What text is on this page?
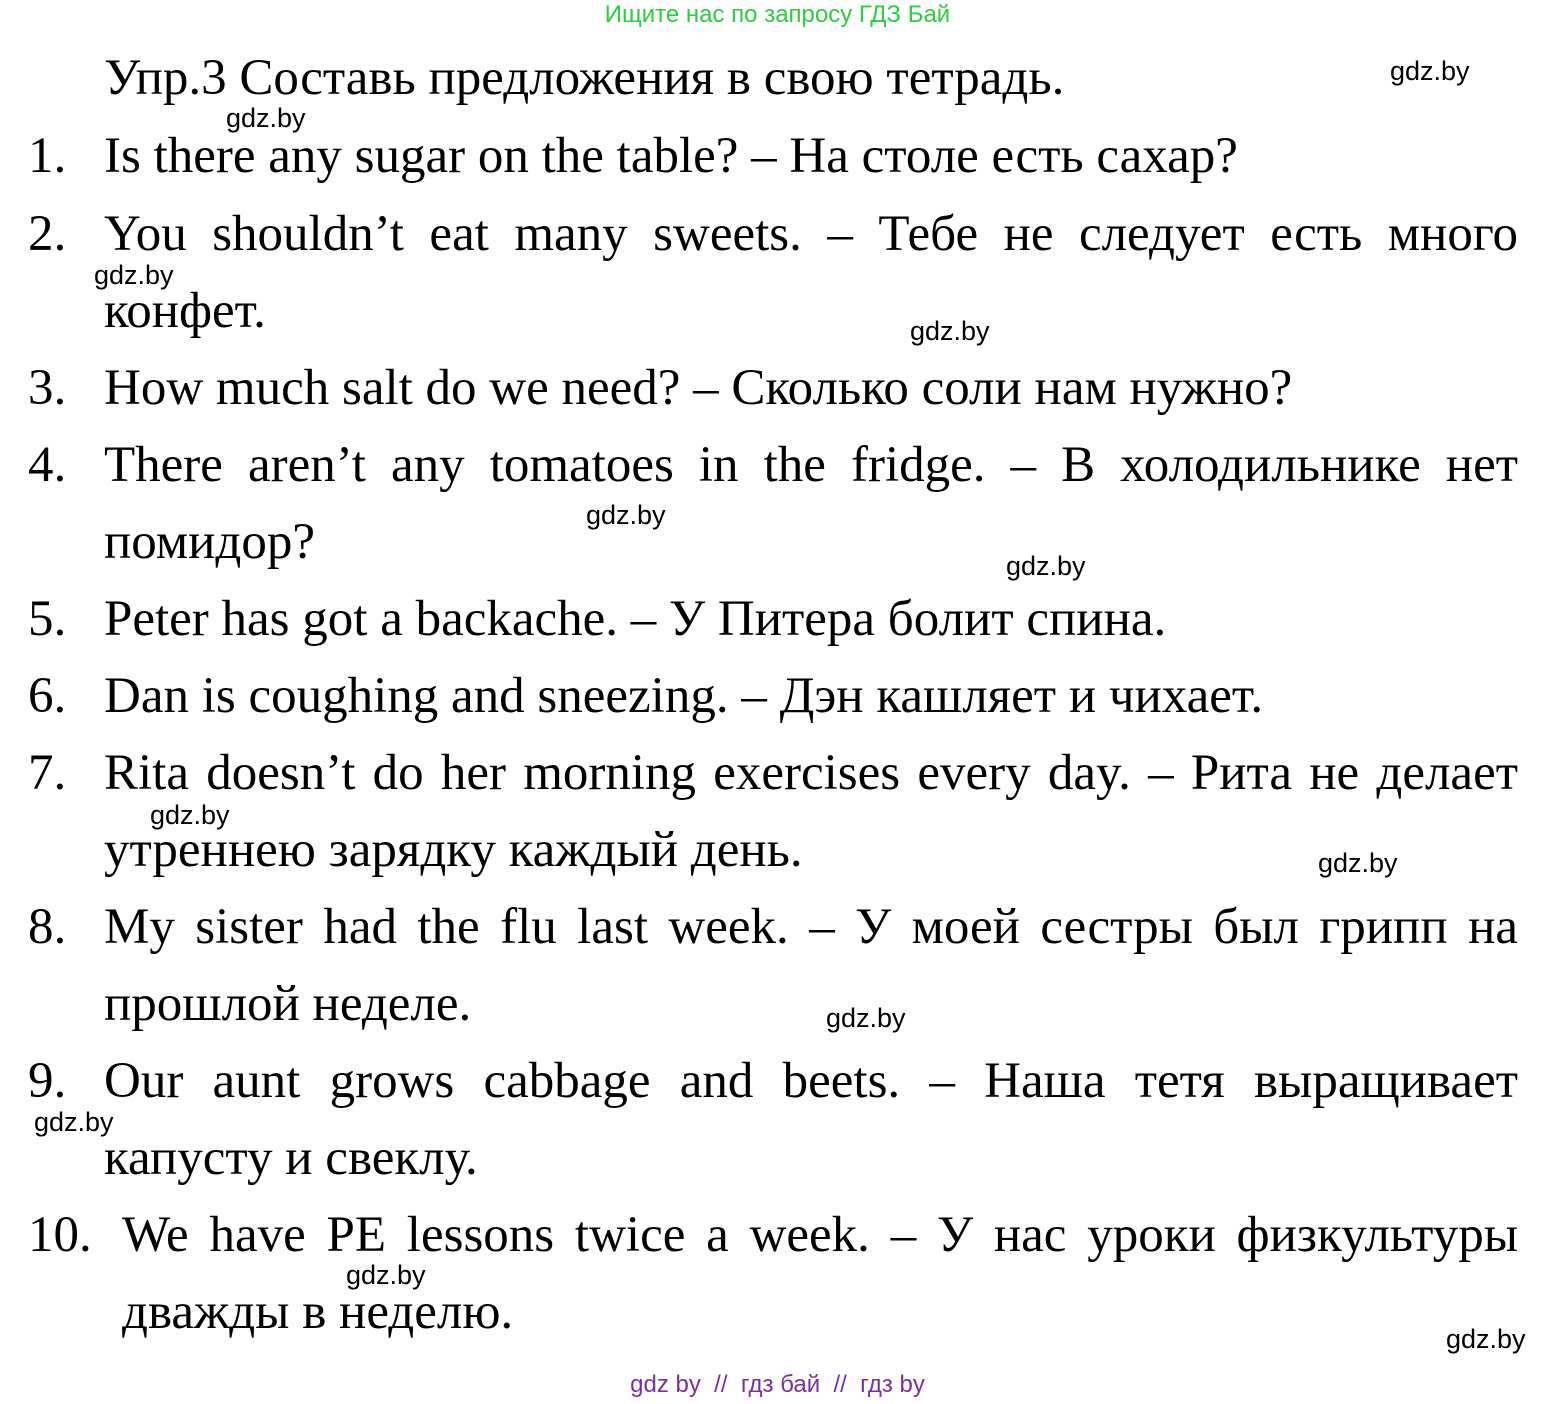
Ищите нас по запросу ГДЗ Бай
Упр.3 Составь предложения в свою тетрадь.
1. Is there any sugar on the table? – На столе есть сахар?
2. You shouldn’t eat many sweets. – Тебе не следует есть много конфет.
3. How much salt do we need? – Сколько соли нам нужно?
4. There aren’t any tomatoes in the fridge. – В холодильнике нет помидор?
5. Peter has got a backache. – У Питера болит спина.
6. Dan is coughing and sneezing. – Дэн кашляет и чихает.
7. Rita doesn’t do her morning exercises every day. – Рита не делает утреннею зарядку каждый день.
8. My sister had the flu last week. – У моей сестры был грипп на прошлой неделе.
9. Our aunt grows cabbage and beets. – Наша тетя выращивает капусту и свеклу.
10. We have PE lessons twice a week. – У нас уроки физкультуры дважды в неделю.
gdz.by
gdz.by
gdz.by
gdz.by
gdz.by
gdz.by
gdz.by
gdz.by
gdz.by
gdz.by
gdz.by
gdz.by
gdz by  //  гдз бай  //  гдз by
